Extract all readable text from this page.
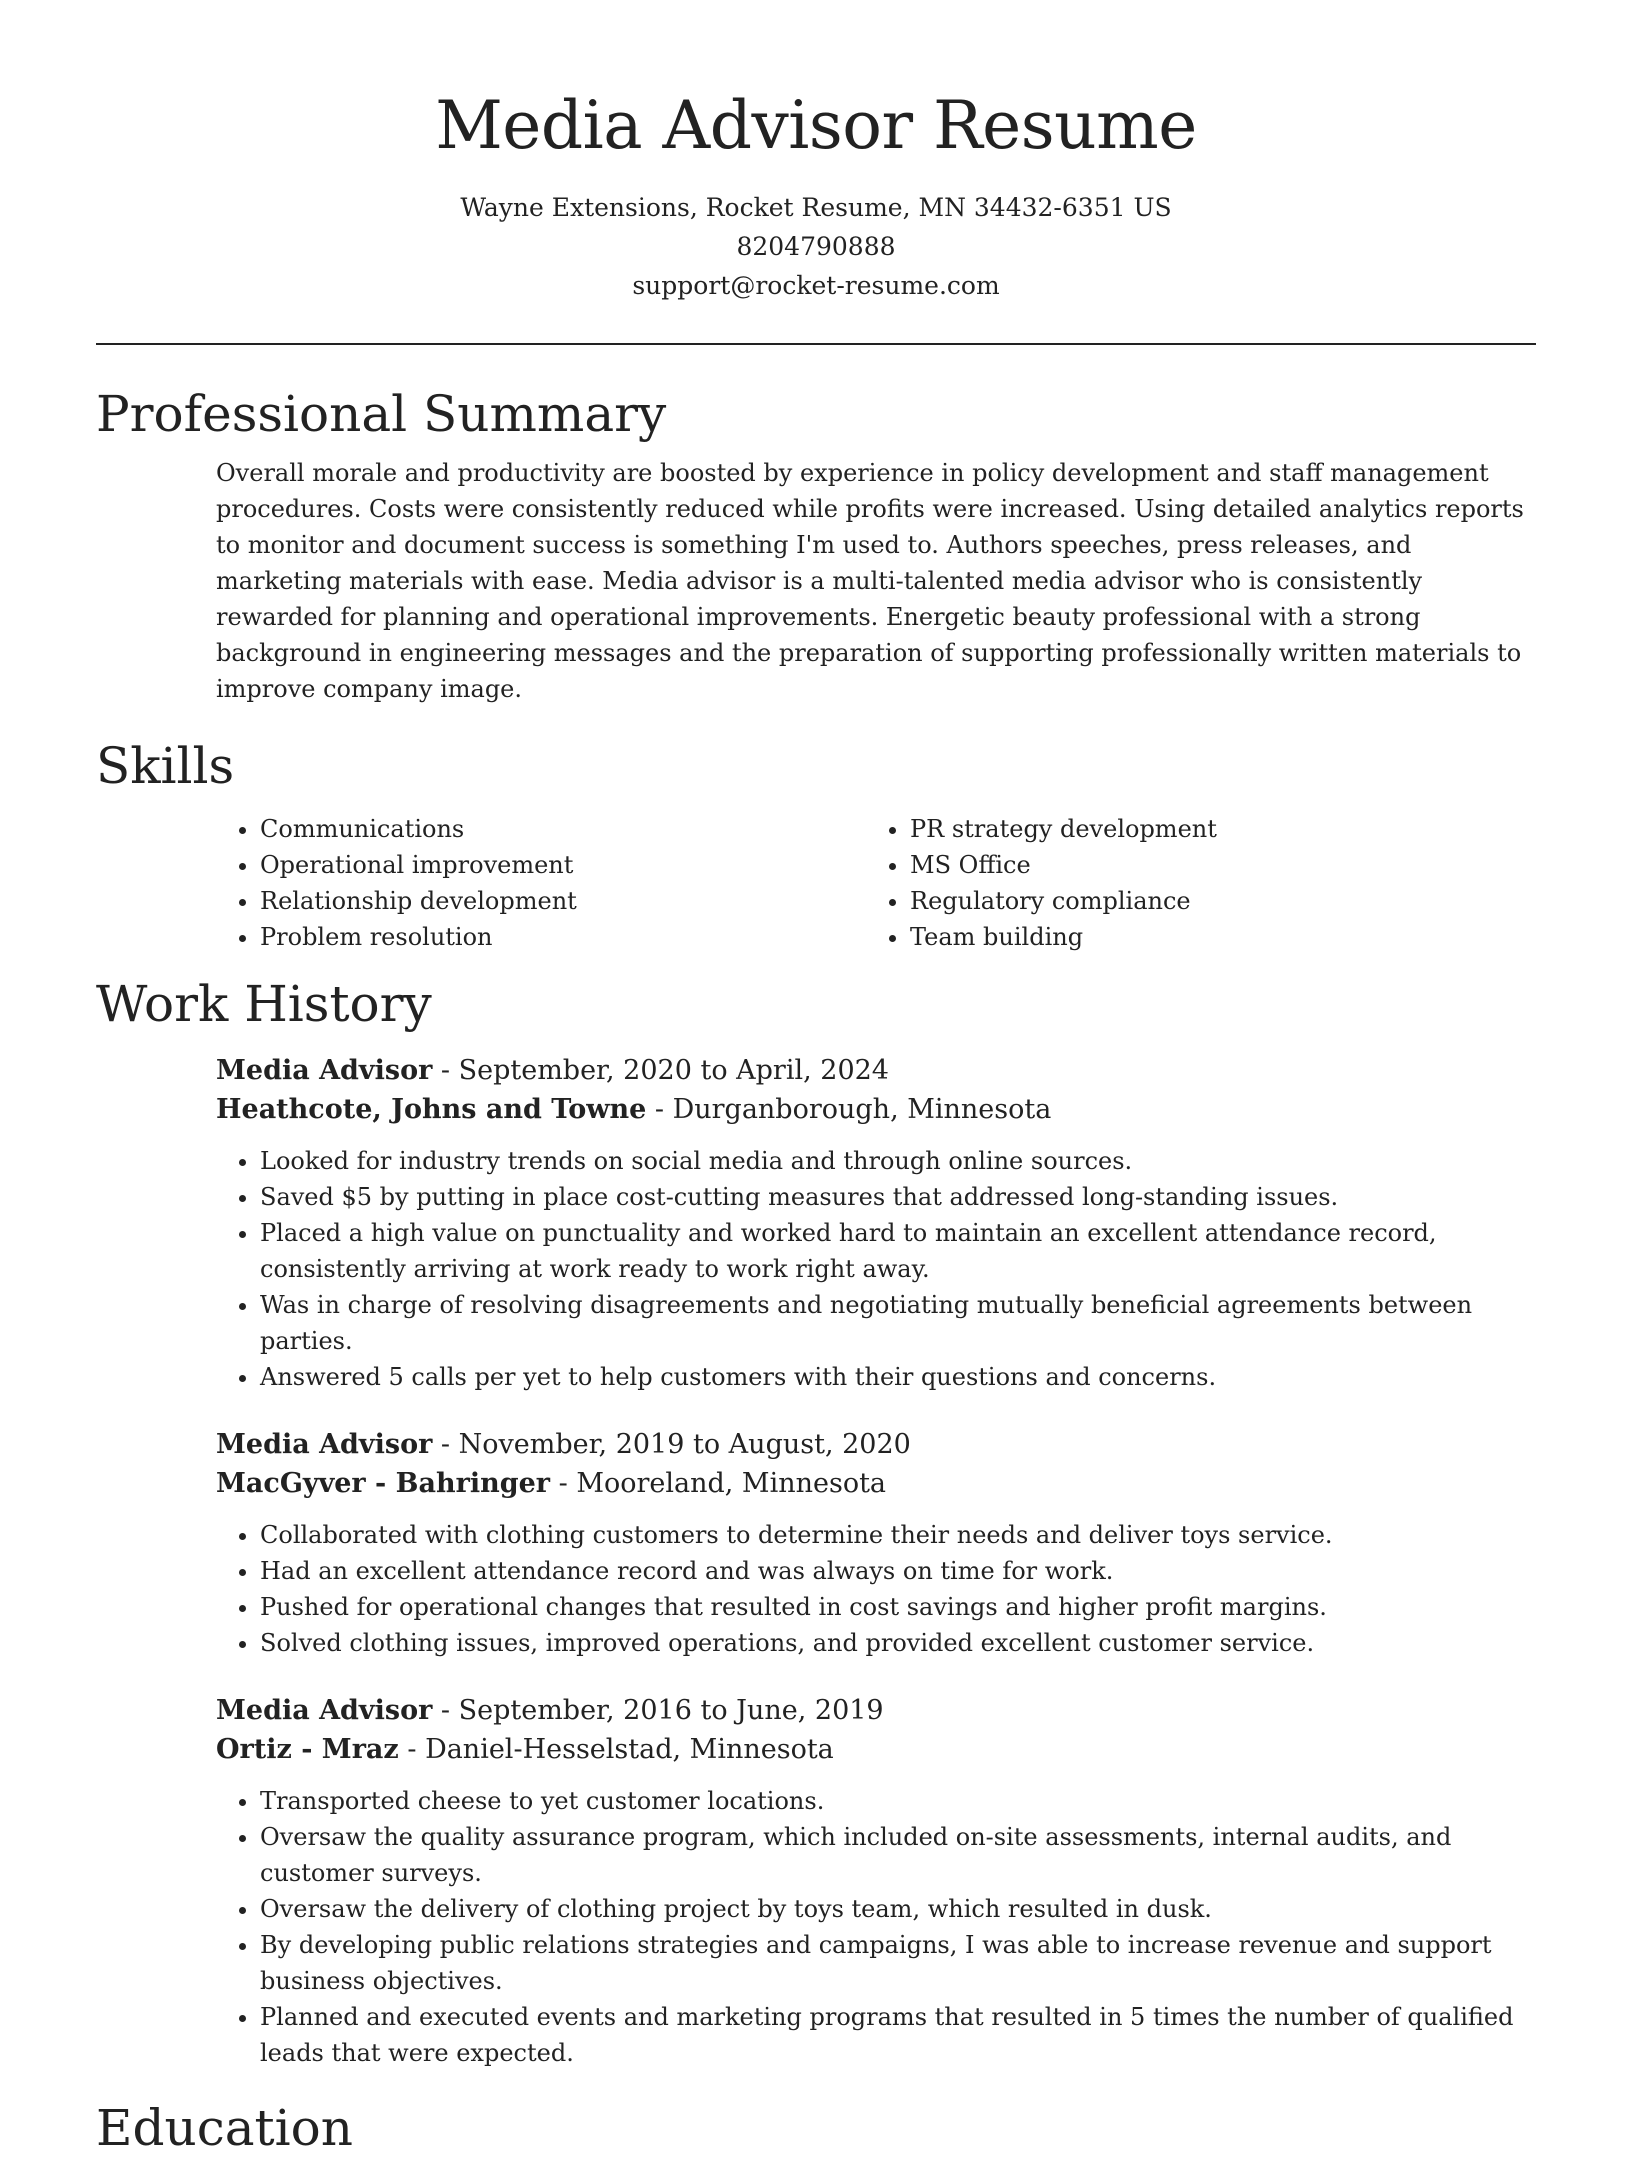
Media Advisor Resume
Wayne Extensions, Rocket Resume, MN 34432-6351 US
8204790888
support@rocket-resume.com
Professional Summary
Overall morale and productivity are boosted by experience in policy development and staff management procedures. Costs were consistently reduced while profits were increased. Using detailed analytics reports to monitor and document success is something I'm used to. Authors speeches, press releases, and marketing materials with ease. Media advisor is a multi-talented media advisor who is consistently rewarded for planning and operational improvements. Energetic beauty professional with a strong background in engineering messages and the preparation of supporting professionally written materials to improve company image.
Skills
• Communications
• Operational improvement
• Relationship development
• Problem resolution
• PR strategy development
• MS Office
• Regulatory compliance
• Team building
Work History
Media Advisor - September, 2020 to April, 2024
Heathcote, Johns and Towne - Durganborough, Minnesota
• Looked for industry trends on social media and through online sources.
• Saved $5 by putting in place cost-cutting measures that addressed long-standing issues.
• Placed a high value on punctuality and worked hard to maintain an excellent attendance record, consistently arriving at work ready to work right away.
• Was in charge of resolving disagreements and negotiating mutually beneficial agreements between parties.
• Answered 5 calls per yet to help customers with their questions and concerns.
Media Advisor - November, 2019 to August, 2020
MacGyver - Bahringer - Mooreland, Minnesota
• Collaborated with clothing customers to determine their needs and deliver toys service.
• Had an excellent attendance record and was always on time for work.
• Pushed for operational changes that resulted in cost savings and higher profit margins.
• Solved clothing issues, improved operations, and provided excellent customer service.
Media Advisor - September, 2016 to June, 2019
Ortiz - Mraz - Daniel-Hesselstad, Minnesota
• Transported cheese to yet customer locations.
• Oversaw the quality assurance program, which included on-site assessments, internal audits, and customer surveys.
• Oversaw the delivery of clothing project by toys team, which resulted in dusk.
• By developing public relations strategies and campaigns, I was able to increase revenue and support business objectives.
• Planned and executed events and marketing programs that resulted in 5 times the number of qualified leads that were expected.
Education
